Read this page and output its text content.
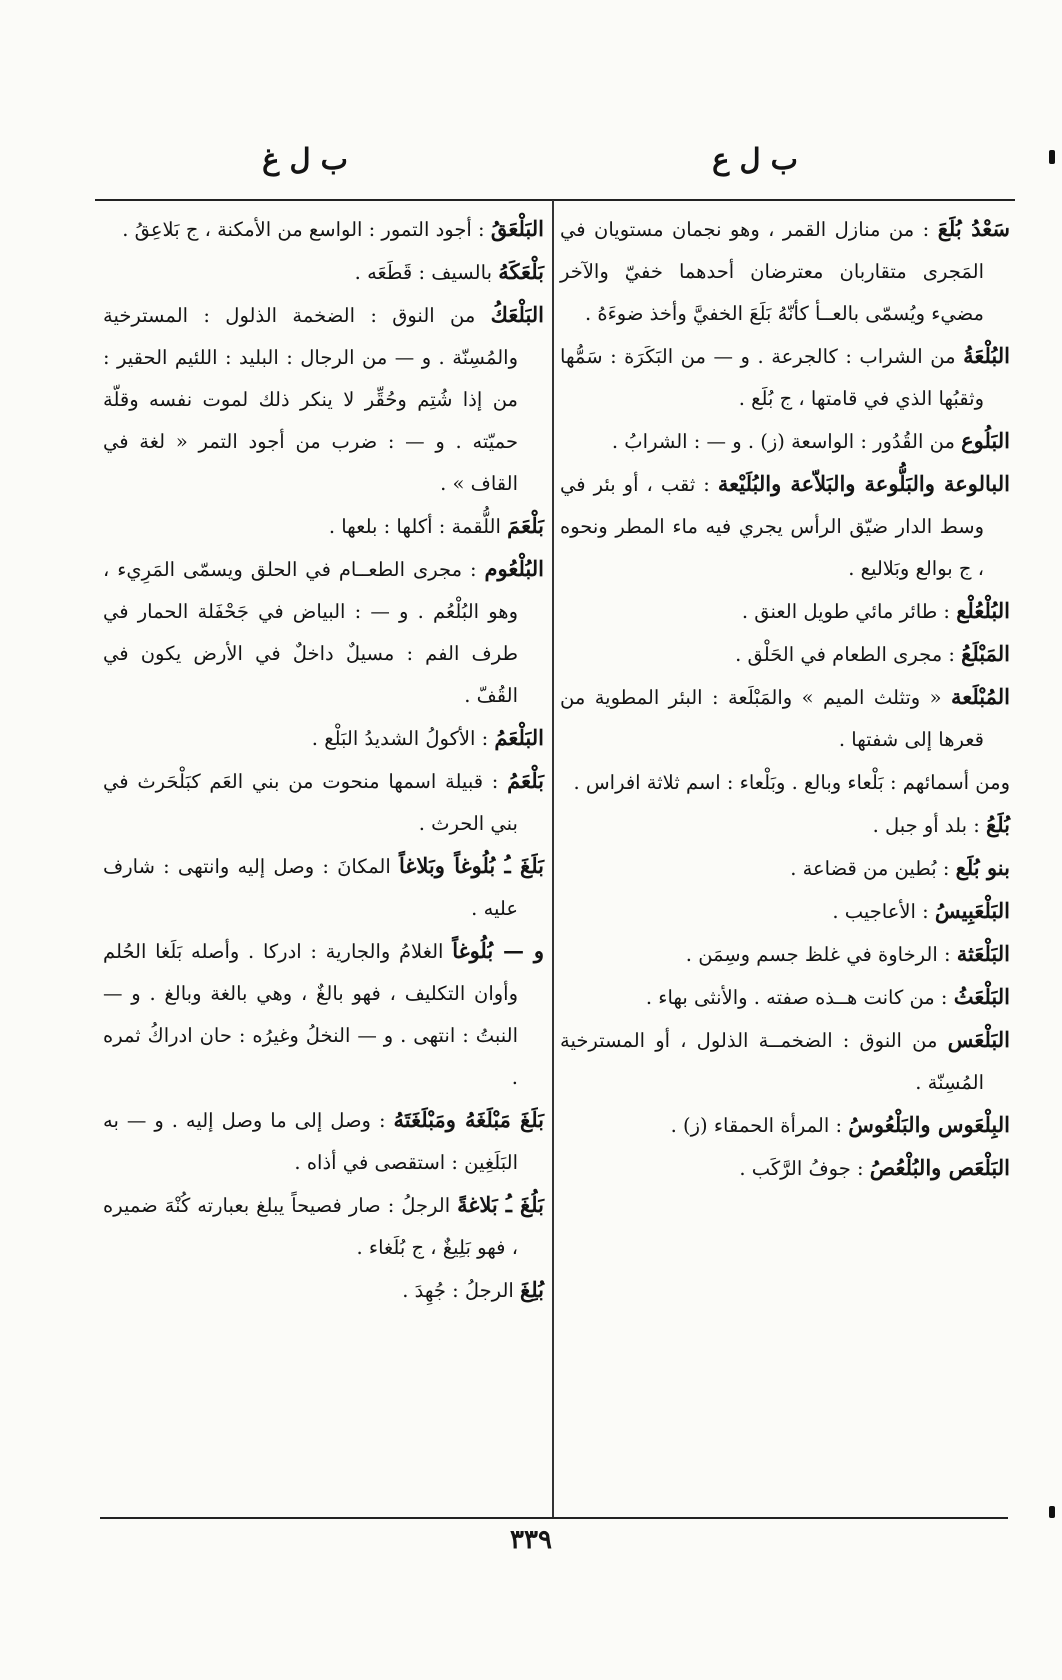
ب ل ع
ب ل غ

سَعْدُ بُلَعَ : من منازل القمر ، وهو نجمان مستويان في المَجرى متقاربان معترضان أحدهما خفيّ والآخر مضيء ويُسمّى بالعــأ كأنّهُ بَلَعَ الخفيَّ وأخذ ضوءَهُ .

البُلْعَةُ من الشراب : كالجرعة . و — من البَكَرَة : سَمُّها وثقبُها الذي في قامتها ، ج بُلَع .

البَلُوع من القُدُور : الواسعة (ز) . و — : الشرابُ .

البالوعة والبَلُّوعة والبَلاّعة والبُلَيْعة : ثقب ، أو بئر في وسط الدار ضيّق الرأس يجري فيه ماء المطر ونحوه ، ج بوالع وبَلاليع .

البُلْعُلْع : طائر مائي طويل العنق .

المَبْلَعُ : مجرى الطعام في الحَلْق .

المُبْلَعة « وتثلث الميم » والمَبْلَعة : البئر المطوية من قعرها إلى شفتها .

ومن أسمائهم : بَلْعاء وبالع . وبَلْعاء : اسم ثلاثة افراس .

بُلَعُ : بلد أو جبل .

بنو بُلَع : بُطين من قضاعة .

البَلْعَبِيسُ : الأعاجيب .

البَلْعَثة : الرخاوة في غلظ جسم وسِمَن .

البَلْعَثُ : من كانت هــذه صفته . والأنثى بهاء .

البَلْعَس من النوق : الضخمــة الذلول ، أو المسترخية المُسِنّة .

البِلْعَوس والبَلْعُوسُ : المرأة الحمقاء (ز) .

البَلْعَص والبُلْعُصُ : جوفُ الرَّكَب .

البَلْعَقُ : أجود التمور : الواسع من الأمكنة ، ج بَلاعِقُ .

بَلْعَكَهُ بالسيف : قَطَعَه .

البَلْعَكُ من النوق : الضخمة الذلول : المسترخية والمُسِنّة . و — من الرجال : البليد : اللئيم الحقير : من إذا شُتِم وحُقِّر لا ينكر ذلك لموت نفسه وقلّة حميّته . و — : ضرب من أجود التمر « لغة في القاف » .

بَلْعَمَ اللُّقمة : أكلها : بلعها .

البُلْعُوم : مجرى الطعــام في الحلق ويسمّى المَرِيء ، وهو البُلْعُم . و — : البياض في جَحْفَلة الحمار في طرف الفم : مسيلٌ داخلٌ في الأرض يكون في القُفّ .

البَلْعَمُ : الأكولُ الشديدُ البَلْع .

بَلْعَمُ : قبيلة اسمها منحوت من بني العَم كبَلْحَرث في بني الحرث .

بَلَغَ ـُ بُلُوغاً وبَلاغاً المكانَ : وصل إليه وانتهى : شارف عليه .

و — بُلُوغاً الغلامُ والجارية : ادركا . وأصله بَلَغا الحُلم وأوان التكليف ، فهو بالغٌ ، وهي بالغة وبالغ . و — النبتُ : انتهى . و — النخلُ وغيرُه : حان ادراكُ ثمره .

بَلَغَ مَبْلَغَهُ ومَبْلَغَتَهُ : وصل إلى ما وصل إليه . و — به البَلَغِين : استقصى في أذاه .

بَلُغَ ـُ بَلاغةً الرجلُ : صار فصيحاً يبلغ بعبارته كُنْهَ ضميره ، فهو بَلِيغٌ ، ج بُلَغاء .

بُلِغَ الرجلُ : جُهِدَ .

٣٣٩
